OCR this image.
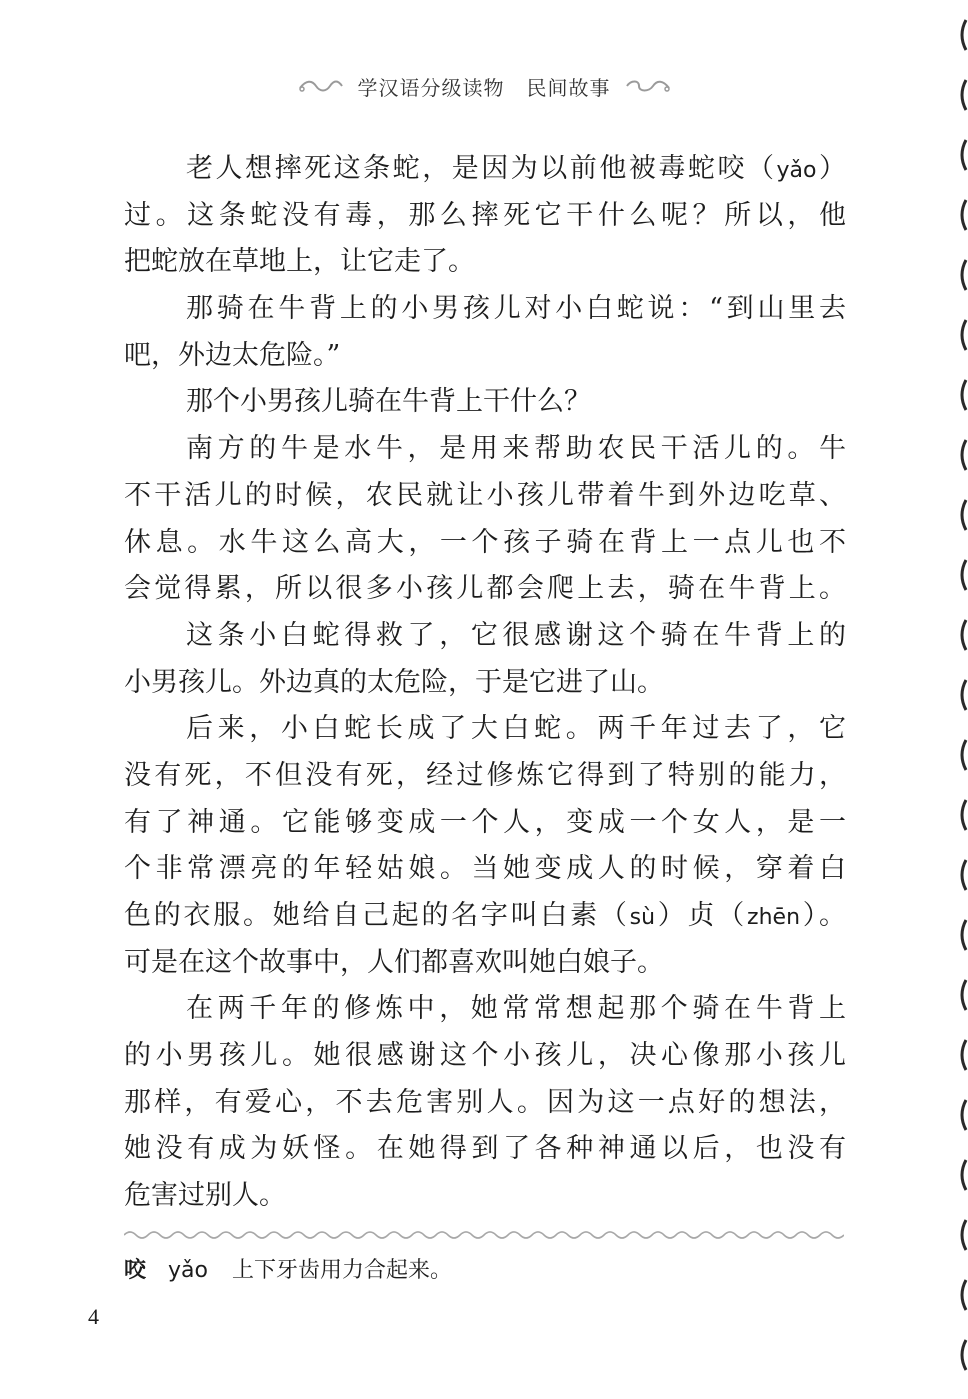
学汉语分级读物 民间故事
老人想摔死这条蛇，是因为以前他被毒蛇咬（yǎo）
过。这条蛇没有毒，那么摔死它干什么呢？所以，他
把蛇放在草地上，让它走了。
那骑在牛背上的小男孩儿对小白蛇说：“到山里去
吧，外边太危险。”
那个小男孩儿骑在牛背上干什么？
南方的牛是水牛，是用来帮助农民干活儿的。牛
不干活儿的时候，农民就让小孩儿带着牛到外边吃草、
休息。水牛这么高大，一个孩子骑在背上一点儿也不
会觉得累，所以很多小孩儿都会爬上去，骑在牛背上。
这条小白蛇得救了，它很感谢这个骑在牛背上的
小男孩儿。外边真的太危险，于是它进了山。
后来，小白蛇长成了大白蛇。两千年过去了，它
没有死，不但没有死，经过修炼它得到了特别的能力，
有了神通。它能够变成一个人，变成一个女人，是一
个非常漂亮的年轻姑娘。当她变成人的时候，穿着白
色的衣服。她给自己起的名字叫白素（sù）贞（zhēn）。
可是在这个故事中，人们都喜欢叫她白娘子。
在两千年的修炼中，她常常想起那个骑在牛背上
的小男孩儿。她很感谢这个小孩儿，决心像那小孩儿
那样，有爱心，不去危害别人。因为这一点好的想法，
她没有成为妖怪。在她得到了各种神通以后，也没有
危害过别人。
咬 yǎo 上下牙齿用力合起来。
4
